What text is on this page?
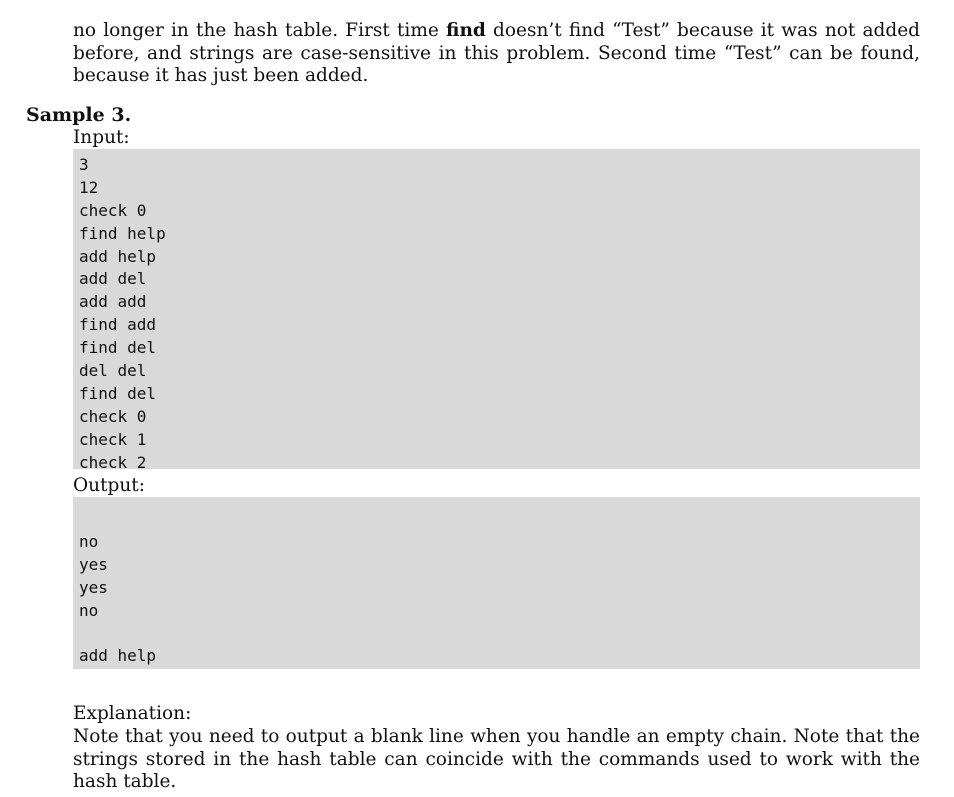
no longer in the hash table. First time find doesn’t find “Test” because it was not added before, and strings are case-sensitive in this problem. Second time “Test” can be found, because it has just been added.
Sample 3.
Input:
3
12
check 0
find help
add help
add del
add add
find add
find del
del del
find del
check 0
check 1
check 2
Output:
no
yes
yes
no
add help
Explanation:
Note that you need to output a blank line when you handle an empty chain. Note that the strings stored in the hash table can coincide with the commands used to work with the hash table.
